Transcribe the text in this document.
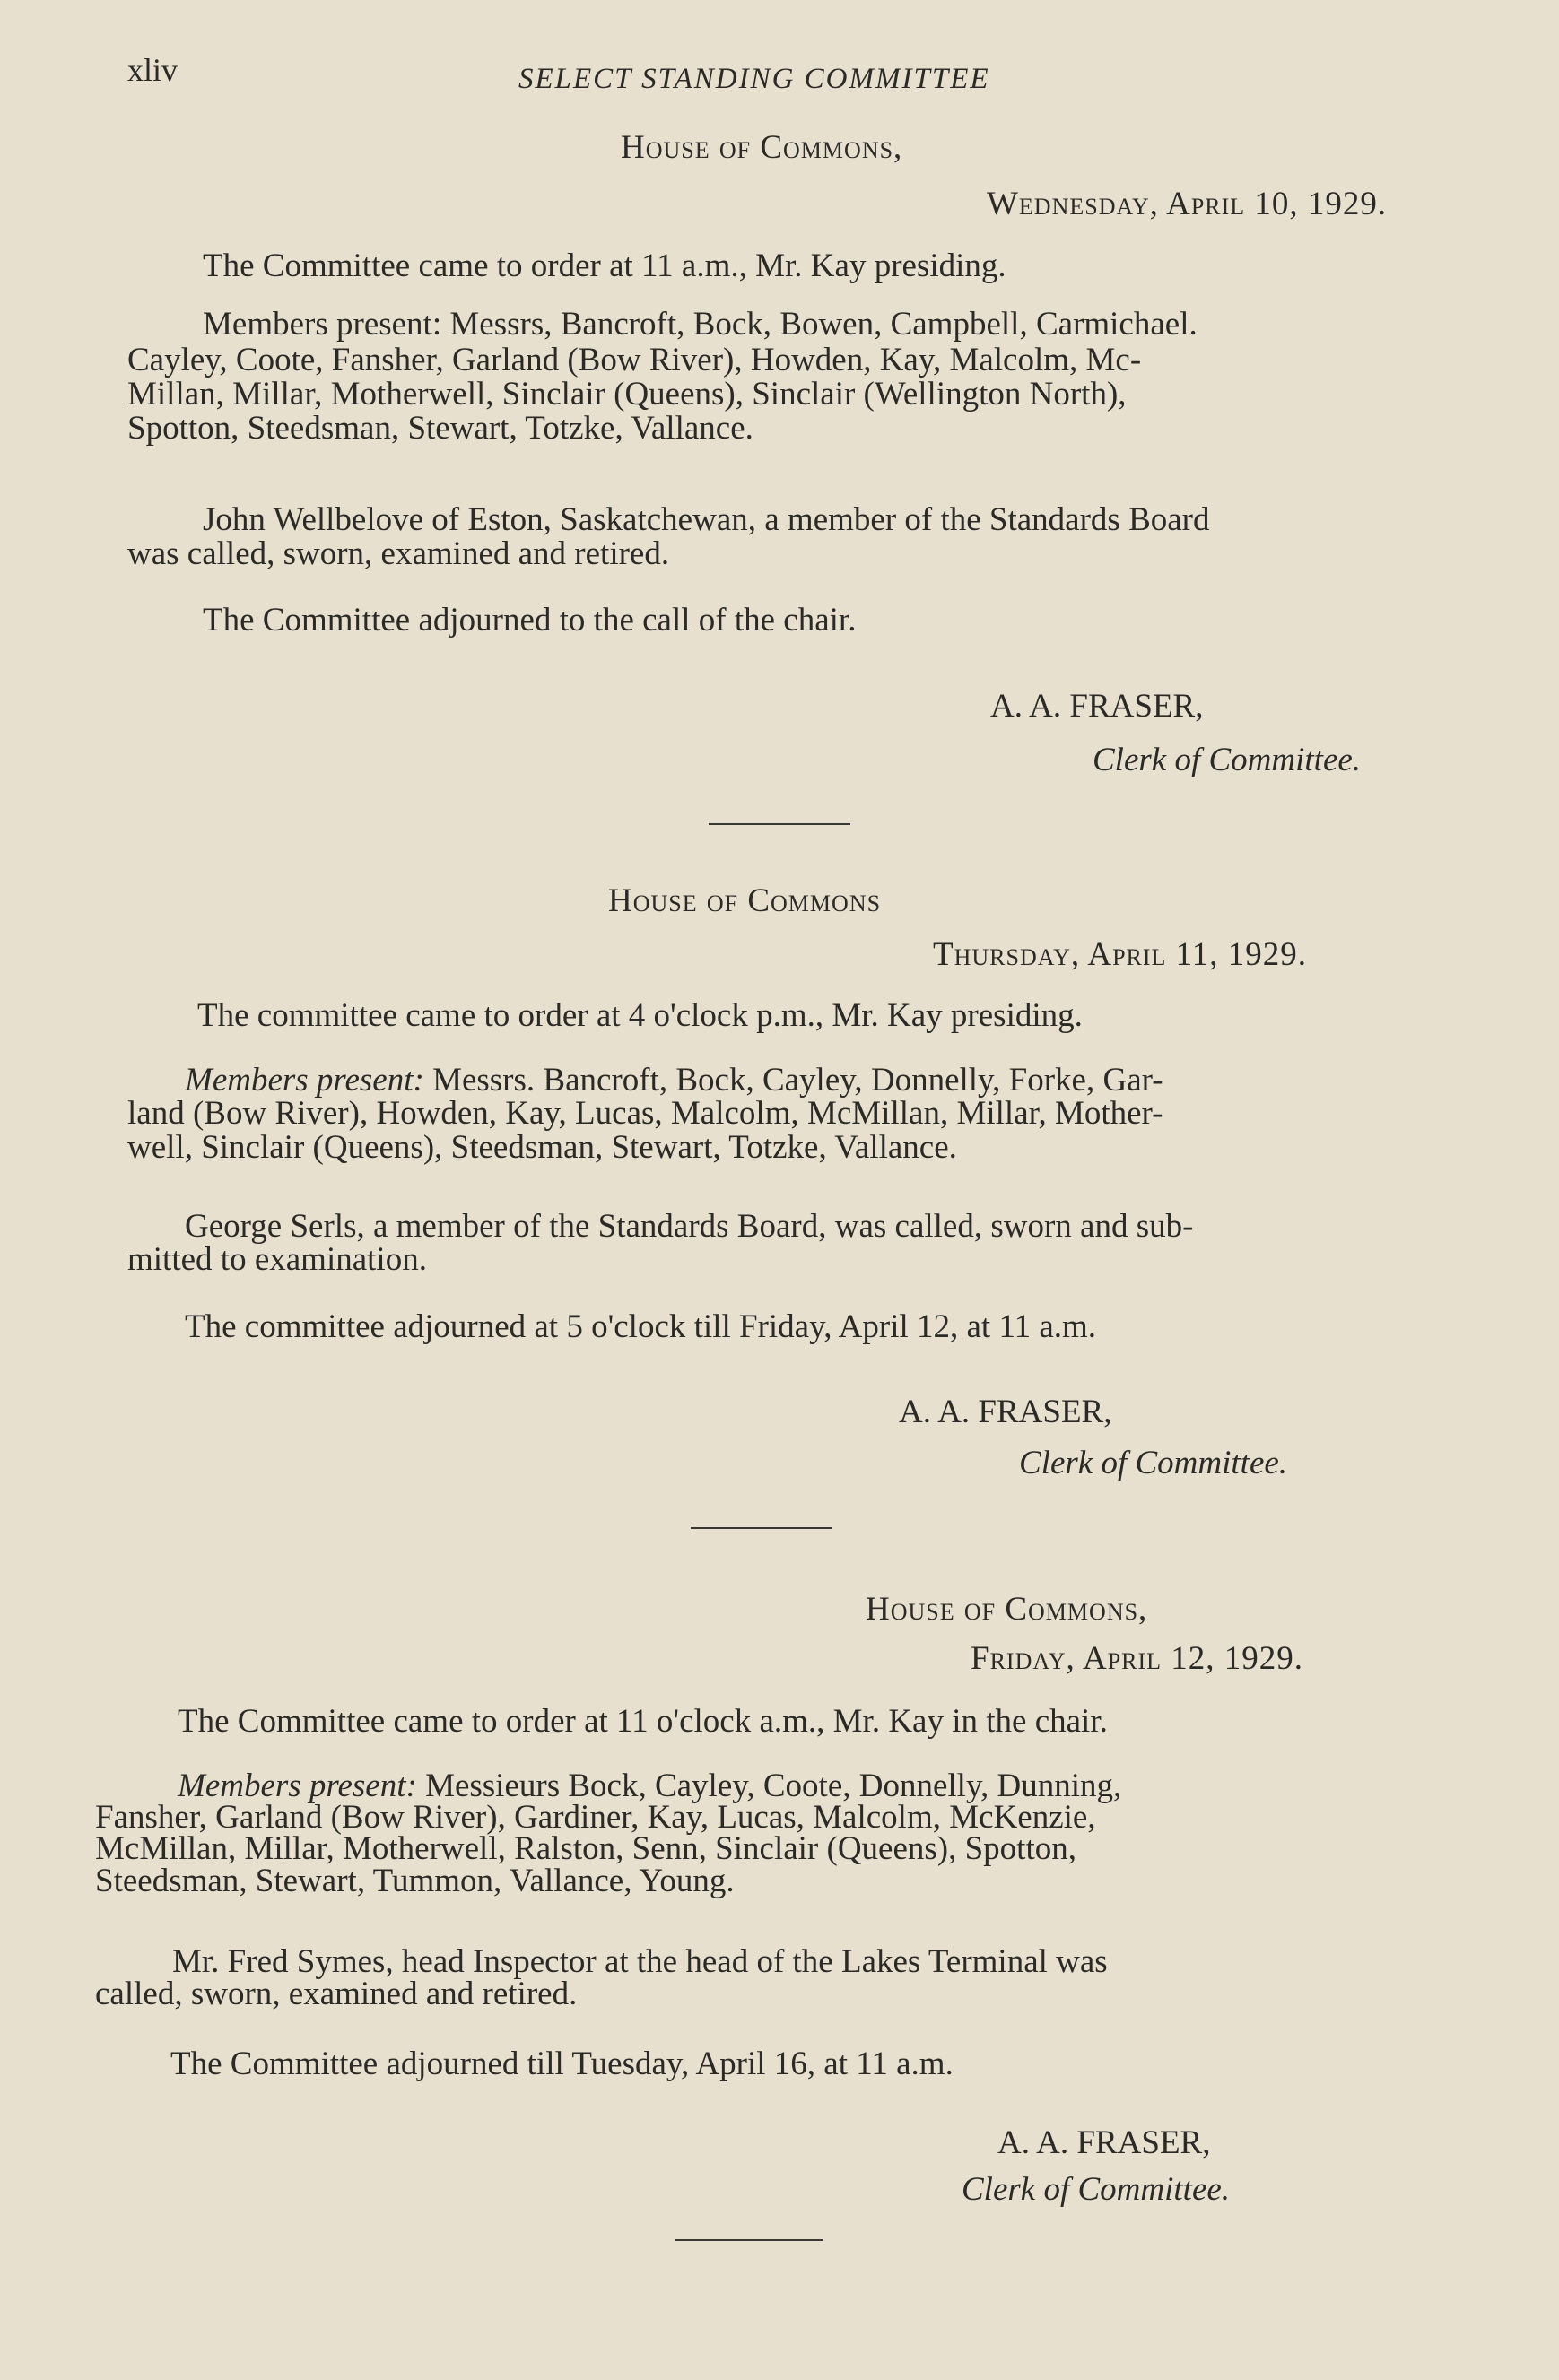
xliv	SELECT STANDING COMMITTEE
House of Commons,
Wednesday, April 10, 1929.
The Committee came to order at 11 a.m., Mr. Kay presiding.
Members present: Messrs, Bancroft, Bock, Bowen, Campbell, Carmichael.
Cayley, Coote, Fansher, Garland (Bow River), Howden, Kay, Malcolm, Mc-
Millan, Millar, Motherwell, Sinclair (Queens), Sinclair (Wellington North),
Spotton, Steedsman, Stewart, Totzke, Vallance.
John Wellbelove of Eston, Saskatchewan, a member of the Standards Board
was called, sworn, examined and retired.
The Committee adjourned to the call of the chair.
A. A. FRASER,
Clerk of Committee.
House of Commons
Thursday, April 11, 1929.
The committee came to order at 4 o'clock p.m., Mr. Kay presiding.
Members present: Messrs. Bancroft, Bock, Cayley, Donnelly, Forke, Gar-
land (Bow River), Howden, Kay, Lucas, Malcolm, McMillan, Millar, Mother-
well, Sinclair (Queens), Steedsman, Stewart, Totzke, Vallance.
George Serls, a member of the Standards Board, was called, sworn and sub-
mitted to examination.
The committee adjourned at 5 o'clock till Friday, April 12, at 11 a.m.
A. A. FRASER,
Clerk of Committee.
House of Commons,
Friday, April 12, 1929.
The Committee came to order at 11 o'clock a.m., Mr. Kay in the chair.
Members present: Messieurs Bock, Cayley, Coote, Donnelly, Dunning,
Fansher, Garland (Bow River), Gardiner, Kay, Lucas, Malcolm, McKenzie,
McMillan, Millar, Motherwell, Ralston, Senn, Sinclair (Queens), Spotton,
Steedsman, Stewart, Tummon, Vallance, Young.
Mr. Fred Symes, head Inspector at the head of the Lakes Terminal was
called, sworn, examined and retired.
The Committee adjourned till Tuesday, April 16, at 11 a.m.
A. A. FRASER,
Clerk of Committee.
